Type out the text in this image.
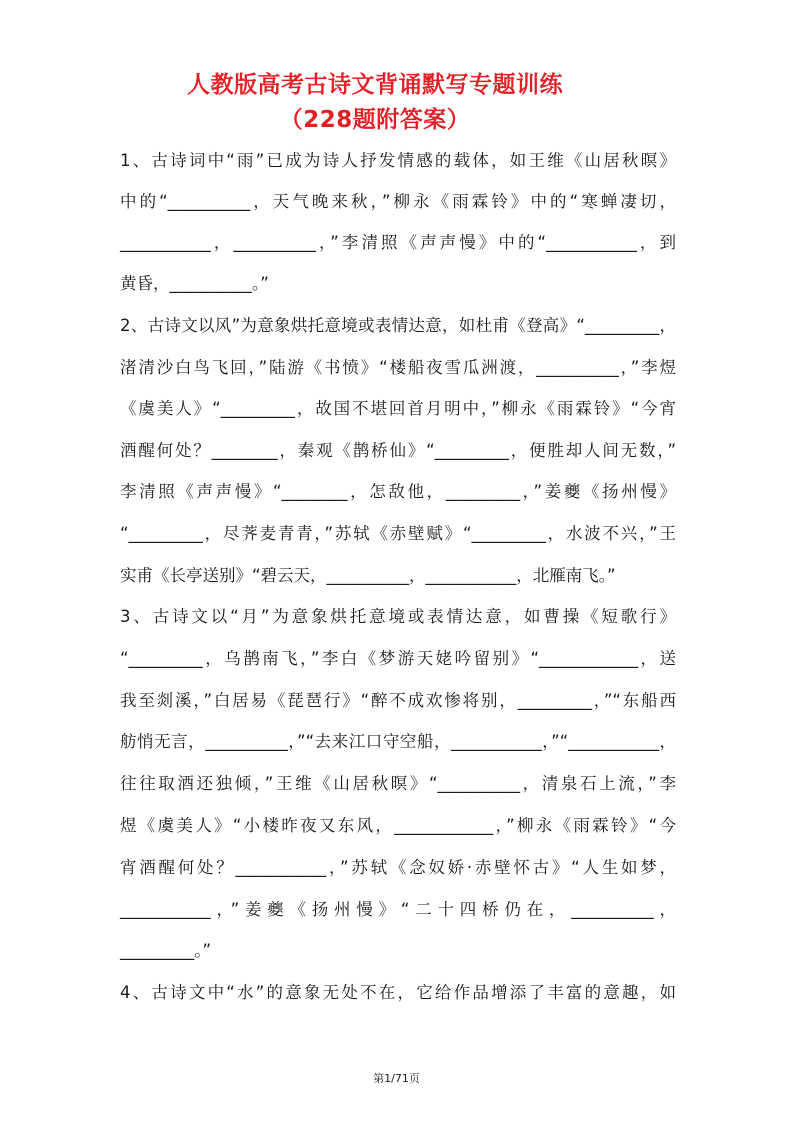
人教版高考古诗文背诵默写专题训练
（228题附答案）
1、古诗词中“雨”已成为诗人抒发情感的载体，如王维《山居秋暝》
中的“__________，天气晚来秋，”柳永《雨霖铃》中的“寒蝉凄切，
___________，__________，”李清照《声声慢》中的“___________，到
黄昏，__________。”
2、古诗文以风”为意象烘托意境或表情达意，如杜甫《登高》“_________，
渚清沙白鸟飞回，”陆游《书愤》“楼船夜雪瓜洲渡，__________，”李煜
《虞美人》“_________，故国不堪回首月明中，”柳永《雨霖铃》“今宵
酒醒何处？________，秦观《鹊桥仙》“_________，便胜却人间无数，”
李清照《声声慢》“________，怎敌他，_________，”姜夔《扬州慢》
“_________，尽荠麦青青，”苏轼《赤壁赋》“_________，水波不兴，”王
实甫《长亭送别》“碧云天，__________，___________，北雁南飞。”
3、古诗文以“月”为意象烘托意境或表情达意，如曹操《短歌行》
“_________，乌鹊南飞，”李白《梦游天姥吟留别》“____________，送
我至剡溪，”白居易《琵琶行》“醉不成欢惨将别，_________，”“东船西
舫悄无言，__________，”“去来江口守空船，___________，”“___________，
往往取酒还独倾，”王维《山居秋暝》“__________，清泉石上流，”李
煜《虞美人》“小楼昨夜又东风，____________，”柳永《雨霖铃》“今
宵酒醒何处？___________，”苏轼《念奴娇·赤壁怀古》“人生如梦，
___________，”姜夔《扬州慢》“二十四桥仍在，__________，
_________。”
4、古诗文中“水”的意象无处不在，它给作品增添了丰富的意趣，如
第1/71页
